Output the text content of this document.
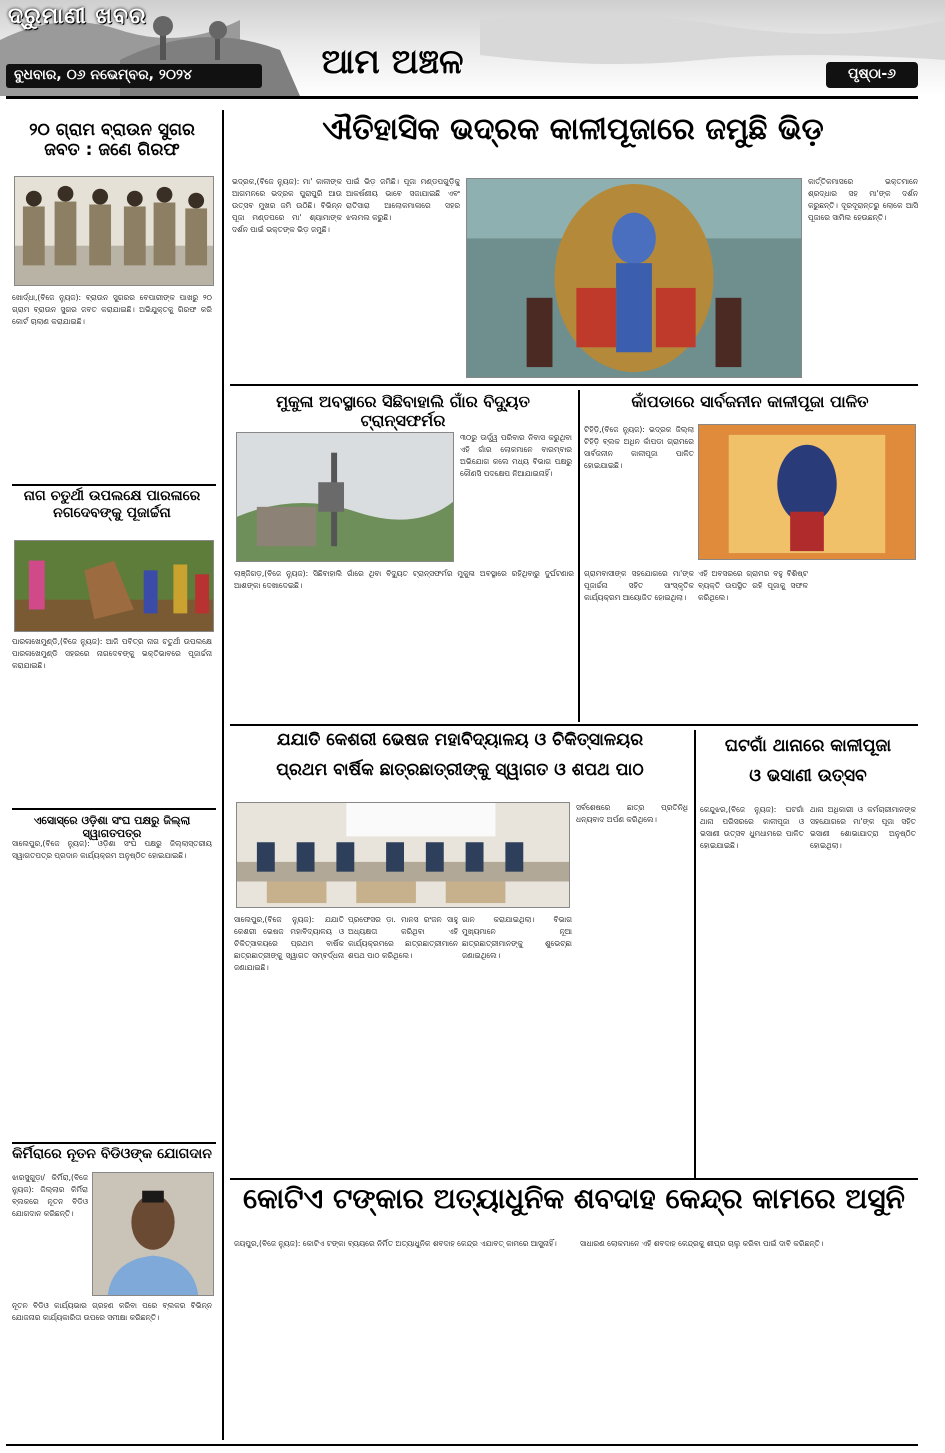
ଦ୍ରୁମାଣୀ ଖବର
ବୁଧବାର, ୦୬ ନଭେମ୍ବର, ୨୦୨୪	ଆମ ଅଞ୍ଚଳ	ପୃଷ୍ଠା-୬
୨୦ ଗ୍ରାମ ବ୍ରାଉନ ସୁଗର ଜବତ : ଜଣେ ଗିରଫ
ଖୋର୍ଦ୍ଧା,(ବିଜେ ନ୍ୟୁଜ): ବ୍ରାଉନ ସୁଗରର ବେପାରୀଙ୍କ ପାଖରୁ ୨୦ ଗ୍ରାମ ବ୍ରାଉନ ସୁଗର ଜବତ କରାଯାଇଛି। ଅଭିଯୁକ୍ତକୁ ଗିରଫ କରି କୋର୍ଟ ଚାଲାଣ କରାଯାଇଛି।
ନାଗ ଚତୁର୍ଥୀ ଉପଲକ୍ଷେ ପାରଳାରେ ନଗଦେବଙ୍କୁ ପୂଜାର୍ଚ୍ଚନା
ପାରଳାଖେମୁଣ୍ଡି,(ବିଜେ ନ୍ୟୁଜ): ଆଜି ପବିତ୍ର ନାଗ ଚତୁର୍ଥୀ ଉପଲକ୍ଷେ ପାରଳାଖେମୁଣ୍ଡି ସହରରେ ନାଗଦେବଙ୍କୁ ଭକ୍ତିଭାବରେ ପୂଜାର୍ଚ୍ଚନା କରାଯାଇଛି।
ଏସୋସ୍ରେ ଓଡ଼ିଶା ସଂଘ ପକ୍ଷରୁ ଜିଲ୍ଲା ସ୍ୱାଗତପତ୍ର
ସାଲେପୁର,(ବିଜେ ନ୍ୟୁଜ): ଓଡ଼ିଶା ସଂଘ ପକ୍ଷରୁ ଜିଲ୍ଲାସ୍ତରୀୟ ସ୍ୱାଗତପତ୍ର ପ୍ରଦାନ କାର୍ଯ୍ୟକ୍ରମ ଅନୁଷ୍ଠିତ ହୋଇଯାଇଛି।
କିର୍ମିରାରେ ନୂତନ ବିଡିଓଙ୍କ ଯୋଗଦାନ
ଝାରସୁଗୁଡ଼ା/ କିର୍ମିରା,(ବିଜେ ନ୍ୟୁଜ): ଜିଲ୍ଲାର କିର୍ମିରା ବ୍ଲକରେ ନୂତନ ବିଡିଓ ଯୋଗଦାନ କରିଛନ୍ତି।
ନୂତନ ବିଡିଓ କାର୍ଯ୍ୟଭାର ଗ୍ରହଣ କରିବା ପରେ ବ୍ଲକର ବିଭିନ୍ନ ଯୋଜନାର କାର୍ଯ୍ୟକାରିତା ଉପରେ ସମୀକ୍ଷା କରିଛନ୍ତି।
ଐତିହାସିକ ଭଦ୍ରକ କାଳୀପୂଜାରେ ଜମୁଛି ଭିଡ଼
ଭଦ୍ରକ,(ବିଜେ ନ୍ୟୁଜ): ମା' କାଳୀଙ୍କ ଆଗମନରେ ଭଦ୍ରକ ପୁରାପୁରି ଆଉ ଉତ୍ସବ ମୁଖର ଜମି ଉଠିଛି। ବିଭିନ୍ନ ପୂଜା ମଣ୍ଡପରେ ମା' ଶ୍ୟାମାଙ୍କ ଦର୍ଶନ ପାଇଁ ଭକ୍ତଙ୍କ ଭିଡ଼ ଜମୁଛି।
ପାଇଁ ଭିଡ଼ ଜମିଛି। ପୂଜା ମଣ୍ଡପଗୁଡ଼ିକୁ ଆକର୍ଷଣୀୟ ଭାବେ ସଜାଯାଇଛି ଏବଂ ରାତିସାରା ଆଲୋକମାଳାରେ ସହର ଝଲମଲ କରୁଛି।
କାର୍ତ୍ତିକମାସରେ ଭକ୍ତମାନେ ଶ୍ରଦ୍ଧାର ସହ ମା'ଙ୍କ ଦର୍ଶନ କରୁଛନ୍ତି। ଦୂରଦୂରାନ୍ତରୁ ଲୋକେ ଆସି ପୂଜାରେ ସାମିଲ ହେଉଛନ୍ତି।
ମୁକୁଳା ଅବସ୍ଥାରେ ସିଛିବାହାଲି ଗାଁର ବିଦ୍ୟୁତ ଟ୍ରାନ୍ସଫର୍ମର
୩୦ରୁ ଊର୍ଦ୍ଧ୍ୱ ପରିବାର ନିବାସ କରୁଥିବା ଏହି ଗାଁର ଲୋକମାନେ ବାରମ୍ବାର ଅଭିଯୋଗ କଲେ ମଧ୍ୟ ବିଭାଗ ପକ୍ଷରୁ କୌଣସି ପଦକ୍ଷେପ ନିଆଯାଇନାହିଁ।
ଲାଞ୍ଜିଗଡ଼,(ବିଜେ ନ୍ୟୁଜ): ସିଛିବାହାଲି ଗାଁରେ ଥିବା ବିଦ୍ୟୁତ ଟ୍ରାନ୍ସଫର୍ମର ମୁକୁଳା ଅବସ୍ଥାରେ ରହିଥିବାରୁ ଦୁର୍ଘଟଣାର ଆଶଙ୍କା ଦେଖାଦେଇଛି।
କାଁପଡାରେ ସାର୍ବଜନୀନ କାଳୀପୂଜା ପାଳିତ
ଟିହିଡ଼ି,(ବିଜେ ନ୍ୟୁଜ): ଭଦ୍ରକ ଜିଲ୍ଲା ଟିହିଡ଼ି ବ୍ଲକ ଅଧିନ କାଁପଡା ଗ୍ରାମରେ ସାର୍ବଜନୀନ କାଳୀପୂଜା ପାଳିତ ହୋଇଯାଇଛି।
ଗ୍ରାମବାସୀଙ୍କ ସହଯୋଗରେ ମା'ଙ୍କ ପୂଜାର୍ଚ୍ଚନା ସହିତ ସାଂସ୍କୃତିକ କାର୍ଯ୍ୟକ୍ରମ ଆୟୋଜିତ ହୋଇଥିଲା।
ଏହି ଅବସରରେ ଗ୍ରାମର ବହୁ ବିଶିଷ୍ଟ ବ୍ୟକ୍ତି ଉପସ୍ଥିତ ରହି ପୂଜାକୁ ସଫଳ କରିଥିଲେ।
ଯଯାତି କେଶରୀ ଭେଷଜ ମହାବିଦ୍ୟାଳୟ ଓ ଚିକିତ୍ସାଳୟର
ପ୍ରଥମ ବାର୍ଷିକ ଛାତ୍ରଛାତ୍ରୀଙ୍କୁ ସ୍ୱାଗତ ଓ ଶପଥ ପାଠ
ସର୍ବଶେଷରେ ଛାତ୍ର ପ୍ରତିନିଧି ଧନ୍ୟବାଦ ଅର୍ପଣ କରିଥିଲେ।
ସାଲେପୁର,(ବିଜେ ନ୍ୟୁଜ): ଯଯାତି କେଶରୀ ଭେଷଜ ମହାବିଦ୍ୟାଳୟ ଓ ଚିକିତ୍ସାଳୟରେ ପ୍ରଥମ ବାର୍ଷିକ ଛାତ୍ରଛାତ୍ରୀଙ୍କୁ ସ୍ୱାଗତ ସମ୍ବର୍ଦ୍ଧନା ଜଣାଯାଇଛି।
ପ୍ରଫେସର ଡ଼ା. ମାନସ ରଂଜନ ସାହୁ ଅଧ୍ୟକ୍ଷତା କରିଥିବା ଏହି କାର୍ଯ୍ୟକ୍ରମରେ ଛାତ୍ରଛାତ୍ରୀମାନେ ଶପଥ ପାଠ କରିଥିଲେ।
ଗାନ କରାଯାଇଥିଲା। ବିଭାଗ ମୁଖ୍ୟମାନେ ନୂଆ ଛାତ୍ରଛାତ୍ରୀମାନଙ୍କୁ ଶୁଭେଚ୍ଛା ଜଣାଇଥିଲେ।
ଘଟଗାଁ ଥାନାରେ କାଳୀପୂଜା
ଓ ଭସାଣୀ ଉତ୍ସବ
କେନ୍ଦୁଝର,(ବିଜେ ନ୍ୟୁଜ): ଘଟଗାଁ ଥାନା ପରିସରରେ କାଳୀପୂଜା ଓ ଭସାଣୀ ଉତ୍ସବ ଧୁମଧାମରେ ପାଳିତ ହୋଇଯାଇଛି।
ଥାନା ଅଧିକାରୀ ଓ କର୍ମଚାରୀମାନଙ୍କ ସହଯୋଗରେ ମା'ଙ୍କ ପୂଜା ସହିତ ଭସାଣୀ ଶୋଭାଯାତ୍ରା ଅନୁଷ୍ଠିତ ହୋଇଥିଲା।
କୋଟିଏ ଟଙ୍କାର ଅତ୍ୟାଧୁନିକ ଶବଦାହ କେନ୍ଦ୍ର କାମରେ ଅସୁନି
ଜୟପୁର,(ବିଜେ ନ୍ୟୁଜ): କୋଟିଏ ଟଙ୍କା ବ୍ୟୟରେ ନିର୍ମିତ ଅତ୍ୟାଧୁନିକ ଶବଦାହ କେନ୍ଦ୍ର ଏଯାବତ୍ କାମରେ ଆସୁନାହିଁ।	ସାଧାରଣ ଲୋକମାନେ ଏହି ଶବଦାହ କେନ୍ଦ୍ରକୁ ଶୀଘ୍ର ଚାଲୁ କରିବା ପାଇଁ ଦାବି କରିଛନ୍ତି।
